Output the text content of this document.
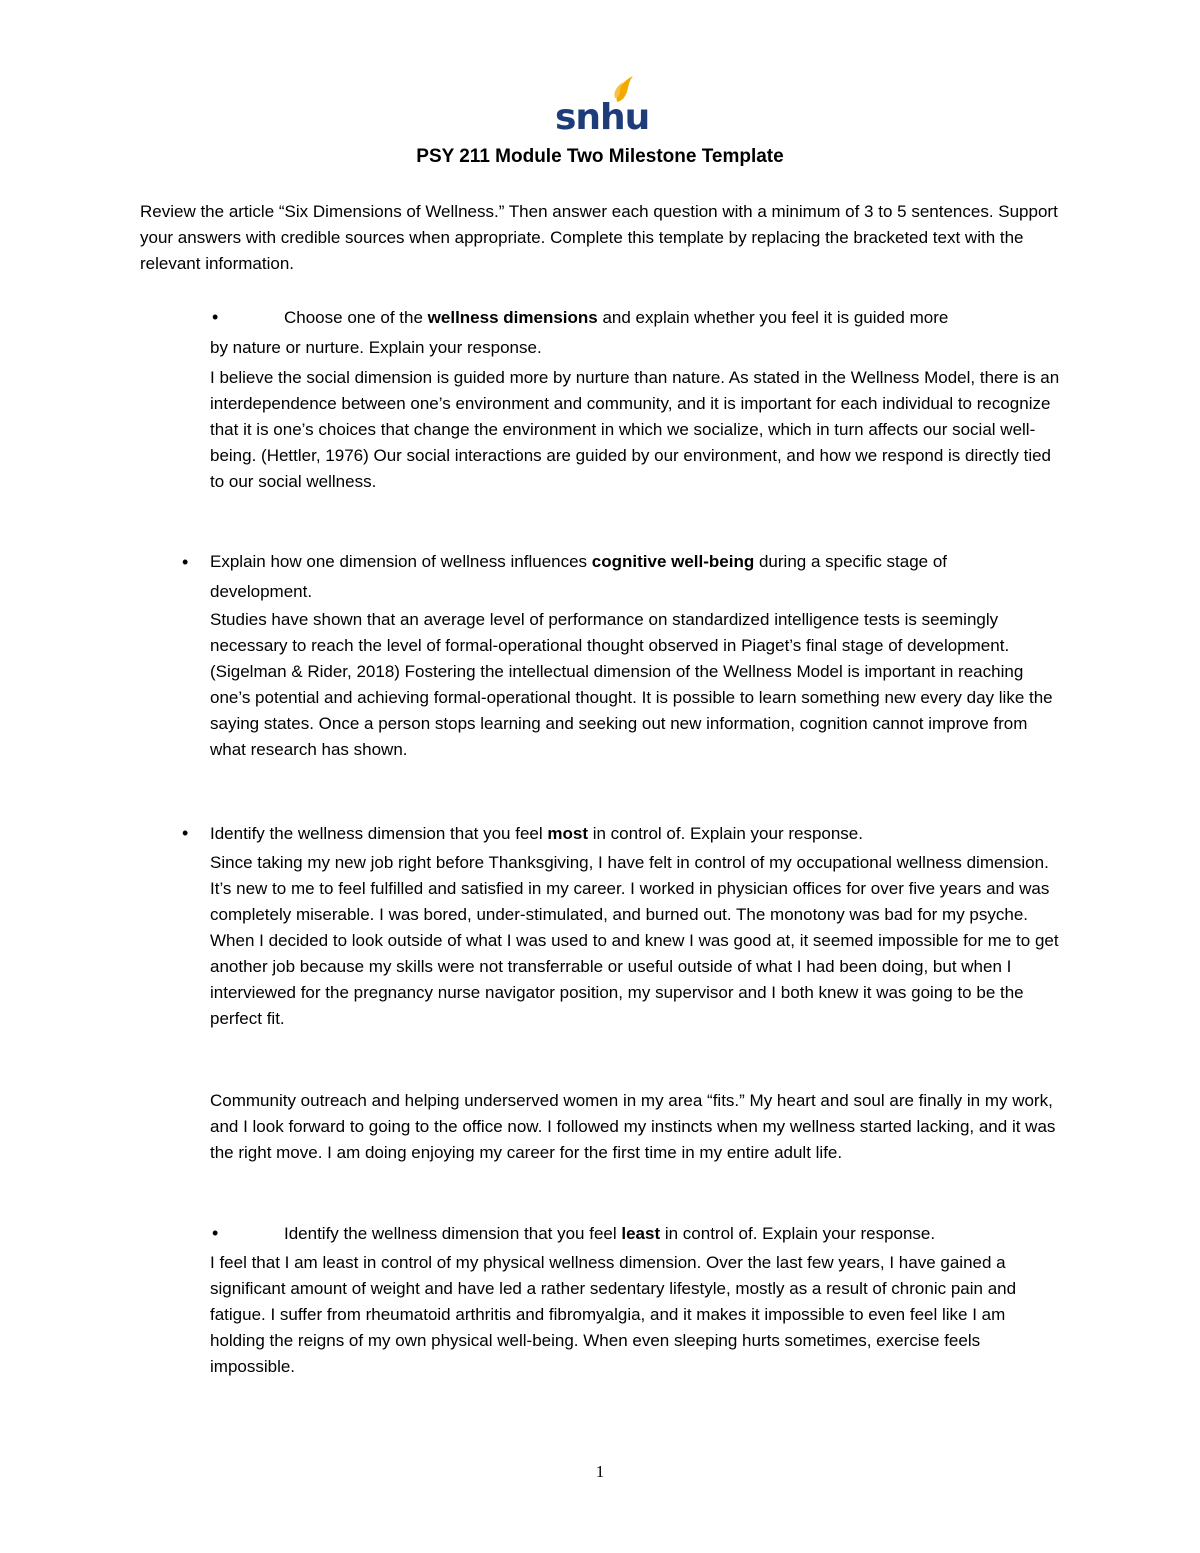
snhu
PSY 211 Module Two Milestone Template
Review the article “Six Dimensions of Wellness.” Then answer each question with a minimum of 3 to 5 sentences. Support your answers with credible sources when appropriate. Complete this template by replacing the bracketed text with the relevant information.
•	Choose one of the wellness dimensions and explain whether you feel it is guided more
by nature or nurture. Explain your response.
I believe the social dimension is guided more by nurture than nature. As stated in the Wellness Model, there is an interdependence between one’s environment and community, and it is important for each individual to recognize that it is one’s choices that change the environment in which we socialize, which in turn affects our social well-being. (Hettler, 1976) Our social interactions are guided by our environment, and how we respond is directly tied to our social wellness.
• Explain how one dimension of wellness influences cognitive well-being during a specific stage of
development.
Studies have shown that an average level of performance on standardized intelligence tests is seemingly necessary to reach the level of formal-operational thought observed in Piaget’s final stage of development. (Sigelman & Rider, 2018) Fostering the intellectual dimension of the Wellness Model is important in reaching one’s potential and achieving formal-operational thought. It is possible to learn something new every day like the saying states. Once a person stops learning and seeking out new information, cognition cannot improve from what research has shown.
• Identify the wellness dimension that you feel most in control of. Explain your response.
Since taking my new job right before Thanksgiving, I have felt in control of my occupational wellness dimension. It’s new to me to feel fulfilled and satisfied in my career. I worked in physician offices for over five years and was completely miserable. I was bored, under-stimulated, and burned out. The monotony was bad for my psyche. When I decided to look outside of what I was used to and knew I was good at, it seemed impossible for me to get another job because my skills were not transferrable or useful outside of what I had been doing, but when I interviewed for the pregnancy nurse navigator position, my supervisor and I both knew it was going to be the perfect fit.
Community outreach and helping underserved women in my area “fits.” My heart and soul are finally in my work, and I look forward to going to the office now. I followed my instincts when my wellness started lacking, and it was the right move. I am doing enjoying my career for the first time in my entire adult life.
•	Identify the wellness dimension that you feel least in control of. Explain your response.
I feel that I am least in control of my physical wellness dimension. Over the last few years, I have gained a significant amount of weight and have led a rather sedentary lifestyle, mostly as a result of chronic pain and fatigue. I suffer from rheumatoid arthritis and fibromyalgia, and it makes it impossible to even feel like I am holding the reigns of my own physical well-being. When even sleeping hurts sometimes, exercise feels impossible.
1
